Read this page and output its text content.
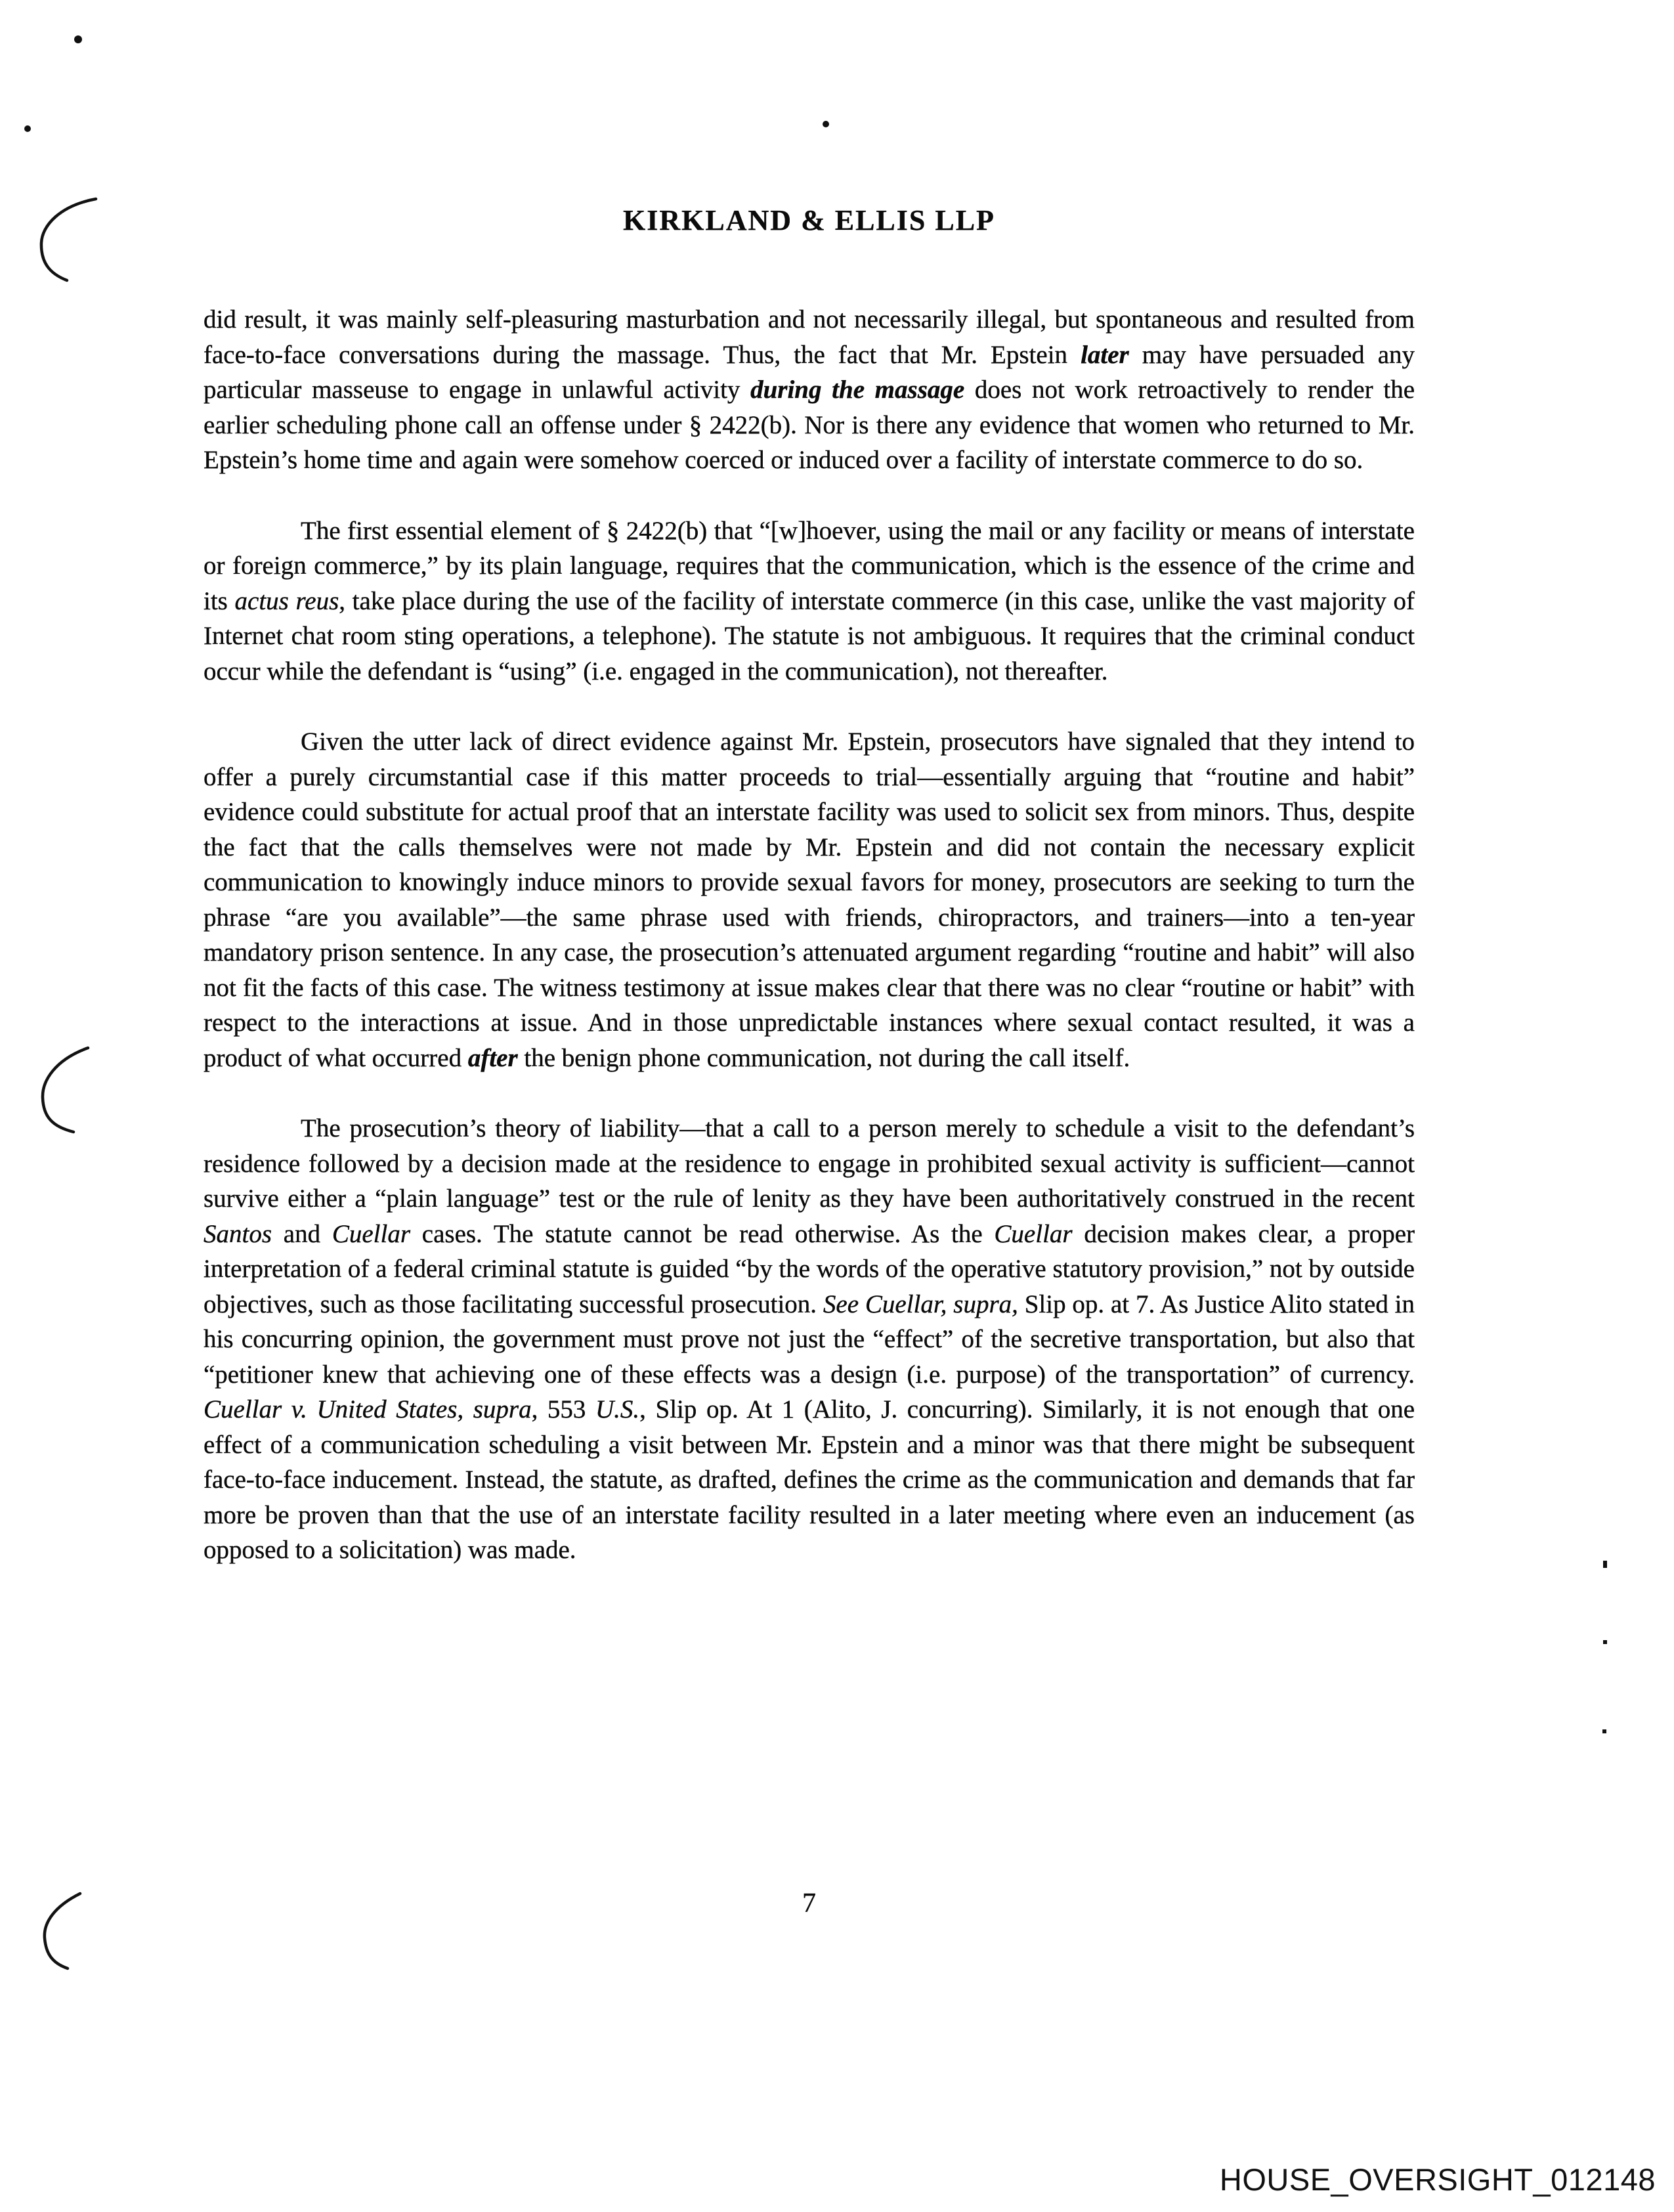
KIRKLAND & ELLIS LLP

did result, it was mainly self-pleasuring masturbation and not necessarily illegal, but spontaneous and resulted from face-to-face conversations during the massage. Thus, the fact that Mr. Epstein later may have persuaded any particular masseuse to engage in unlawful activity during the massage does not work retroactively to render the earlier scheduling phone call an offense under § 2422(b). Nor is there any evidence that women who returned to Mr. Epstein’s home time and again were somehow coerced or induced over a facility of interstate commerce to do so.

The first essential element of § 2422(b) that “[w]hoever, using the mail or any facility or means of interstate or foreign commerce,” by its plain language, requires that the communication, which is the essence of the crime and its actus reus, take place during the use of the facility of interstate commerce (in this case, unlike the vast majority of Internet chat room sting operations, a telephone). The statute is not ambiguous. It requires that the criminal conduct occur while the defendant is “using” (i.e. engaged in the communication), not thereafter.

Given the utter lack of direct evidence against Mr. Epstein, prosecutors have signaled that they intend to offer a purely circumstantial case if this matter proceeds to trial—essentially arguing that “routine and habit” evidence could substitute for actual proof that an interstate facility was used to solicit sex from minors. Thus, despite the fact that the calls themselves were not made by Mr. Epstein and did not contain the necessary explicit communication to knowingly induce minors to provide sexual favors for money, prosecutors are seeking to turn the phrase “are you available”—the same phrase used with friends, chiropractors, and trainers—into a ten-year mandatory prison sentence. In any case, the prosecution’s attenuated argument regarding “routine and habit” will also not fit the facts of this case. The witness testimony at issue makes clear that there was no clear “routine or habit” with respect to the interactions at issue. And in those unpredictable instances where sexual contact resulted, it was a product of what occurred after the benign phone communication, not during the call itself.

The prosecution’s theory of liability—that a call to a person merely to schedule a visit to the defendant’s residence followed by a decision made at the residence to engage in prohibited sexual activity is sufficient—cannot survive either a “plain language” test or the rule of lenity as they have been authoritatively construed in the recent Santos and Cuellar cases. The statute cannot be read otherwise. As the Cuellar decision makes clear, a proper interpretation of a federal criminal statute is guided “by the words of the operative statutory provision,” not by outside objectives, such as those facilitating successful prosecution. See Cuellar, supra, Slip op. at 7. As Justice Alito stated in his concurring opinion, the government must prove not just the “effect” of the secretive transportation, but also that “petitioner knew that achieving one of these effects was a design (i.e. purpose) of the transportation” of currency. Cuellar v. United States, supra, 553 U.S., Slip op. At 1 (Alito, J. concurring). Similarly, it is not enough that one effect of a communication scheduling a visit between Mr. Epstein and a minor was that there might be subsequent face-to-face inducement. Instead, the statute, as drafted, defines the crime as the communication and demands that far more be proven than that the use of an interstate facility resulted in a later meeting where even an inducement (as opposed to a solicitation) was made.

7
HOUSE_OVERSIGHT_012148
